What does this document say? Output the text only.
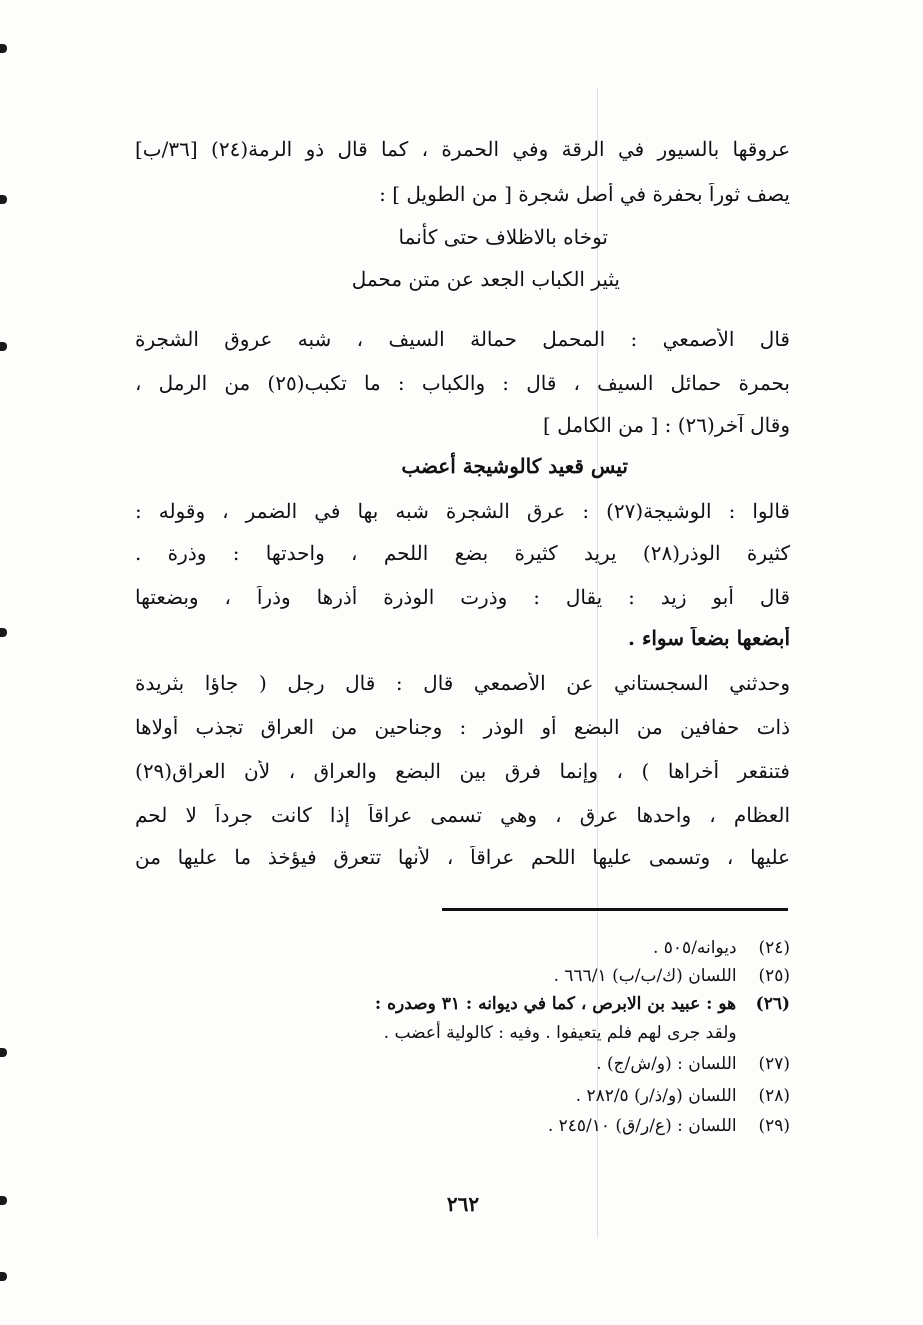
عروقها بالسيور في الرقة وفي الحمرة ، كما قال ذو الرمة(٢٤) [٣٦/ب]
يصف ثوراً بحفرة في أصل شجرة [ من الطويل ] :
توخاه بالاظلاف حتى كأنما
يثير الكباب الجعد عن متن محمل
قال الأصمعي : المحمل حمالة السيف ، شبه عروق الشجرة
بحمرة حمائل السيف ، قال : والكباب : ما تكبب(٢٥) من الرمل ،
وقال آخر(٢٦) : [ من الكامل ]
تيس قعيد كالوشيجة أعضب
قالوا : الوشيجة(٢٧) : عرق الشجرة شبه بها في الضمر ، وقوله :
كثيرة الوذر(٢٨) يريد كثيرة بضع اللحم ، واحدتها : وذرة .
قال أبو زيد : يقال : وذرت الوذرة أذرها وذراً ، وبضعتها
أبضعها بضعاً سواء .
وحدثني السجستاني عن الأصمعي قال : قال رجل ( جاؤا بثريدة
ذات حفافين من البضع أو الوذر : وجناحين من العراق تجذب أولاها
فتنقعر أخراها ) ، وإنما فرق بين البضع والعراق ، لأن العراق(٢٩)
العظام ، واحدها عرق ، وهي تسمى عراقاً إذا كانت جرداً لا لحم
عليها ، وتسمى عليها اللحم عراقاً ، لأنها تتعرق فيؤخذ ما عليها من
(٢٤) ديوانه/٥٠٥ .
(٢٥) اللسان (ك/ب/ب) ٦٦٦/١ .
(٢٦) هو : عبيد بن الابرص ، كما في ديوانه : ٣١ وصدره :
ولقد جرى لهم فلم يتعيفوا . وفيه : كالولية أعضب .
(٢٧) اللسان : (و/ش/ج) .
(٢٨) اللسان (و/ذ/ر) ٢٨٢/٥ .
(٢٩) اللسان : (ع/ر/ق) ٢٤٥/١٠ .
٢٦٢
